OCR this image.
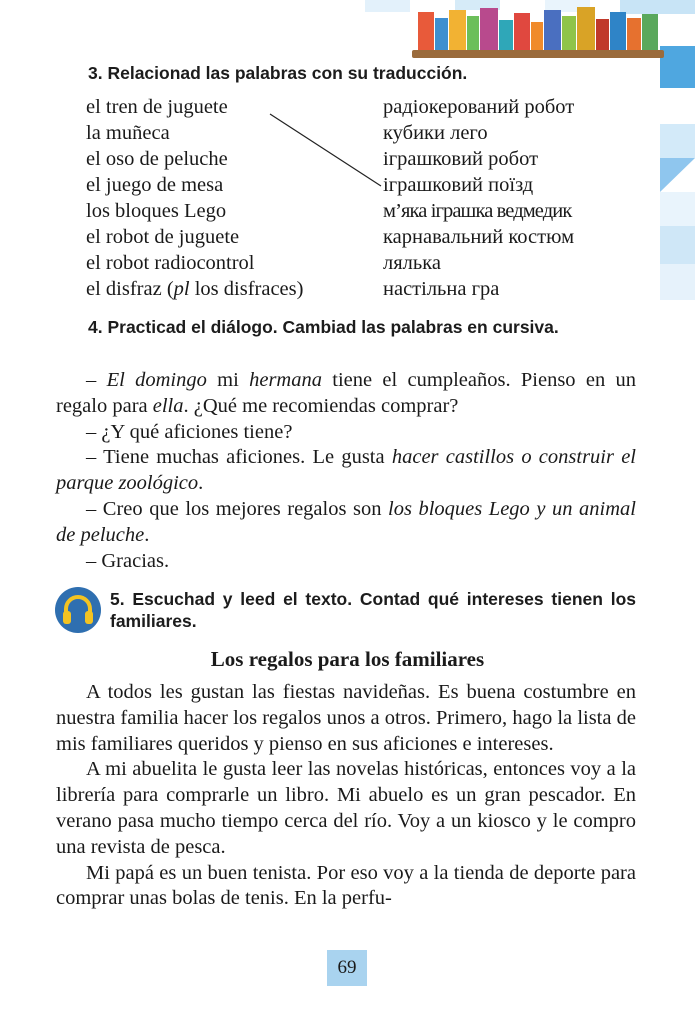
3. Relacionad las palabras con su traducción.
el tren de juguete
la muñeca
el oso de peluche
el juego de mesa
los bloques Lego
el robot de juguete
el robot radiocontrol
el disfraz (pl los disfraces)
радіокерований робот
кубики лего
іграшковий робот
іграшковий поїзд
м’яка іграшка ведмедик
карнавальний костюм
лялька
настільна гра
4. Practicad el diálogo. Cambiad las palabras en cursiva.

– El domingo mi hermana tiene el cumpleaños. Pienso en un regalo para ella. ¿Qué me recomiendas comprar?

– ¿Y qué aficiones tiene?

– Tiene muchas aficiones. Le gusta hacer castillos o construir el parque zoológico.

– Creo que los mejores regalos son los bloques Lego y un animal de peluche.

– Gracias.

5. Escuchad y leed el texto. Contad qué intereses tienen los familiares.
Los regalos para los familiares

A todos les gustan las fiestas navideñas. Es buena costumbre en nuestra familia hacer los regalos unos a otros. Primero, hago la lista de mis familiares queridos y pienso en sus aficiones e intereses.

A mi abuelita le gusta leer las novelas históricas, entonces voy a la librería para comprarle un libro. Mi abuelo es un gran pescador. En verano pasa mucho tiempo cerca del río. Voy a un kiosco y le compro una revista de pesca.

Mi papá es un buen tenista. Por eso voy a la tienda de deporte para comprar unas bolas de tenis. En la perfu-

69
